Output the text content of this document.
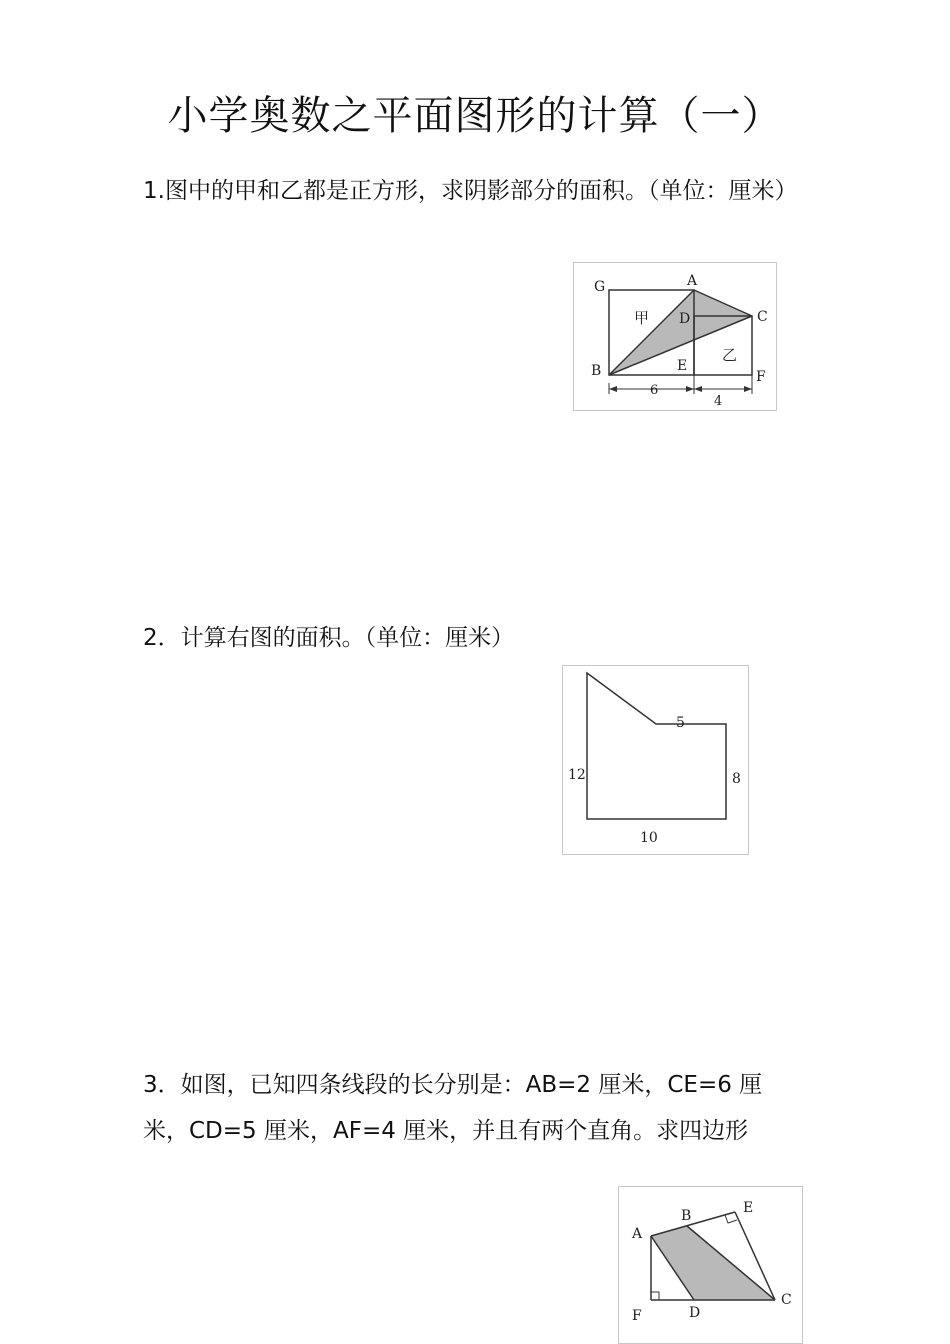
小学奥数之平面图形的计算（一）

1.图中的甲和乙都是正方形，求阴影部分的面积。（单位：厘米）

G	A
C
D
B	E
F
甲
乙
6
4

2．计算右图的面积。（单位：厘米）

5
12	8
10

3．如图，已知四条线段的长分别是：AB=2 厘米，CE=6 厘米，CD=5 厘米，AF=4 厘米，并且有两个直角。求四边形

A
B	E
C
F	D
